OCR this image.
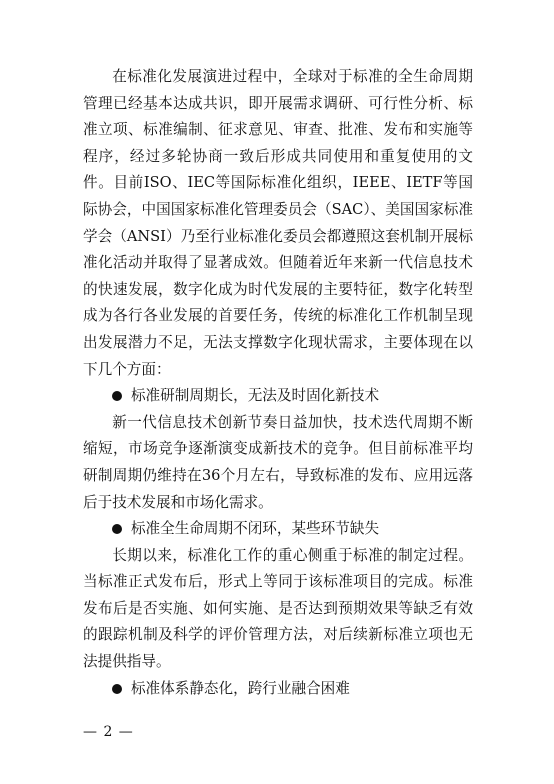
在标准化发展演进过程中，全球对于标准的全生命周期管理已经基本达成共识，即开展需求调研、可行性分析、标准立项、标准编制、征求意见、审查、批准、发布和实施等程序，经过多轮协商一致后形成共同使用和重复使用的文件。目前ISO、IEC等国际标准化组织，IEEE、IETF等国际协会，中国国家标准化管理委员会（SAC）、美国国家标准学会（ANSI）乃至行业标准化委员会都遵照这套机制开展标准化活动并取得了显著成效。但随着近年来新一代信息技术的快速发展，数字化成为时代发展的主要特征，数字化转型成为各行各业发展的首要任务，传统的标准化工作机制呈现出发展潜力不足，无法支撑数字化现状需求，主要体现在以下几个方面：

标准研制周期长，无法及时固化新技术

新一代信息技术创新节奏日益加快，技术迭代周期不断缩短，市场竞争逐渐演变成新技术的竞争。但目前标准平均研制周期仍维持在36个月左右，导致标准的发布、应用远落后于技术发展和市场化需求。

标准全生命周期不闭环，某些环节缺失

长期以来，标准化工作的重心侧重于标准的制定过程。当标准正式发布后，形式上等同于该标准项目的完成。标准发布后是否实施、如何实施、是否达到预期效果等缺乏有效的跟踪机制及科学的评价管理方法，对后续新标准立项也无法提供指导。

标准体系静态化，跨行业融合困难

— 2 —
